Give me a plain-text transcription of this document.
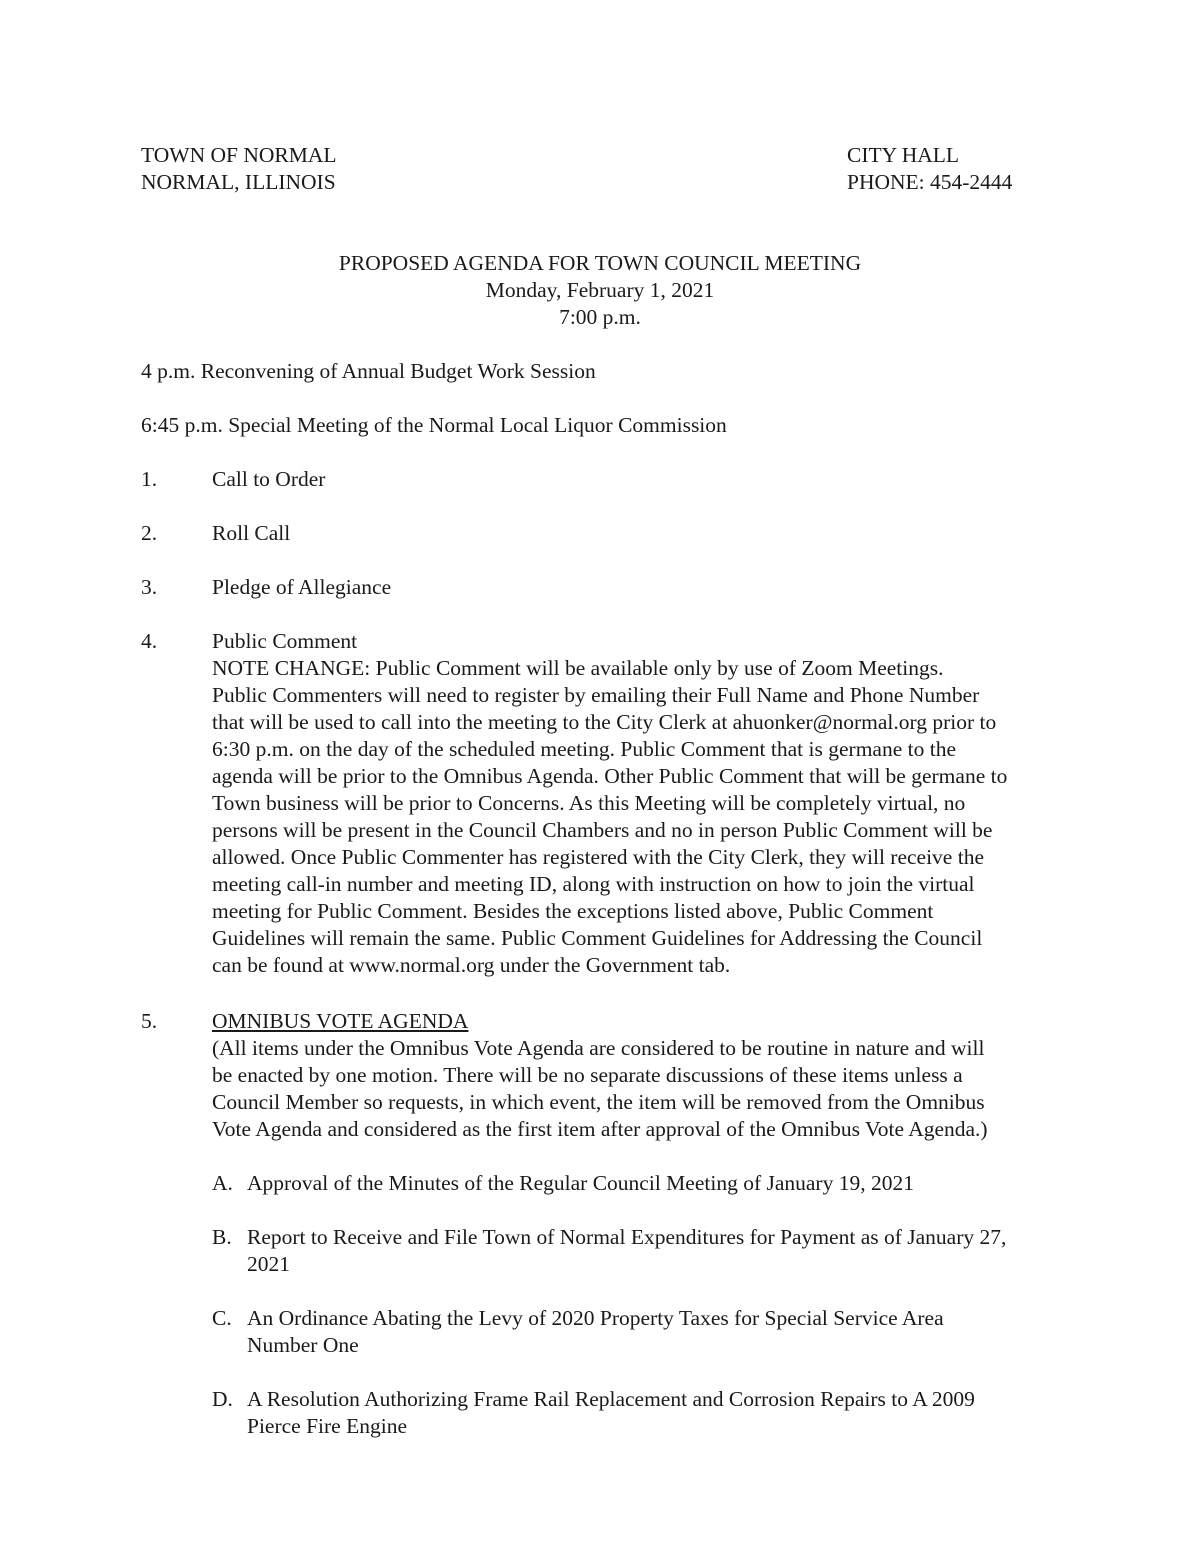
TOWN OF NORMAL
NORMAL, ILLINOIS
CITY HALL
PHONE: 454-2444
PROPOSED AGENDA FOR TOWN COUNCIL MEETING
Monday, February 1, 2021
7:00 p.m.
4 p.m. Reconvening of Annual Budget Work Session
6:45 p.m. Special Meeting of the Normal Local Liquor Commission
1.	Call to Order
2.	Roll Call
3.	Pledge of Allegiance
4.	Public Comment
NOTE CHANGE: Public Comment will be available only by use of Zoom Meetings.
Public Commenters will need to register by emailing their Full Name and Phone Number
that will be used to call into the meeting to the City Clerk at ahuonker@normal.org prior to
6:30 p.m. on the day of the scheduled meeting. Public Comment that is germane to the
agenda will be prior to the Omnibus Agenda. Other Public Comment that will be germane to
Town business will be prior to Concerns. As this Meeting will be completely virtual, no
persons will be present in the Council Chambers and no in person Public Comment will be
allowed. Once Public Commenter has registered with the City Clerk, they will receive the
meeting call-in number and meeting ID, along with instruction on how to join the virtual
meeting for Public Comment. Besides the exceptions listed above, Public Comment
Guidelines will remain the same. Public Comment Guidelines for Addressing the Council
can be found at www.normal.org under the Government tab.
5.	OMNIBUS VOTE AGENDA
(All items under the Omnibus Vote Agenda are considered to be routine in nature and will
be enacted by one motion. There will be no separate discussions of these items unless a
Council Member so requests, in which event, the item will be removed from the Omnibus
Vote Agenda and considered as the first item after approval of the Omnibus Vote Agenda.)
A. Approval of the Minutes of the Regular Council Meeting of January 19, 2021
B. Report to Receive and File Town of Normal Expenditures for Payment as of January 27,
2021
C. An Ordinance Abating the Levy of 2020 Property Taxes for Special Service Area
Number One
D. A Resolution Authorizing Frame Rail Replacement and Corrosion Repairs to A 2009
Pierce Fire Engine
